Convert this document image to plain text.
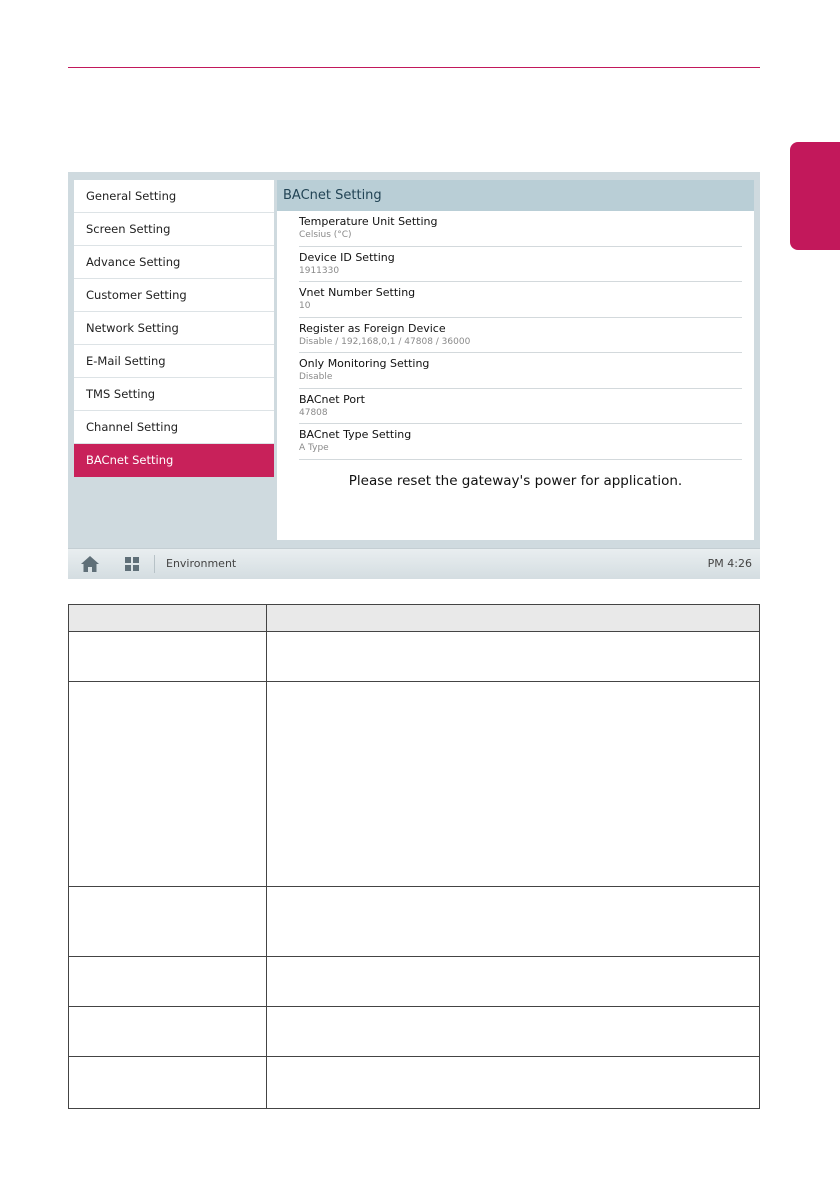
General Setting
Screen Setting
Advance Setting
Customer Setting
Network Setting
E-Mail Setting
TMS Setting
Channel Setting
BACnet Setting
BACnet Setting
Temperature Unit Setting
Celsius (°C)
Device ID Setting
1911330
Vnet Number Setting
10
Register as Foreign Device
Disable / 192,168,0,1 / 47808 / 36000
Only Monitoring Setting
Disable
BACnet Port
47808
BACnet Type Setting
A Type
Please reset the gateway's power for application.
Environment	PM 4:26
